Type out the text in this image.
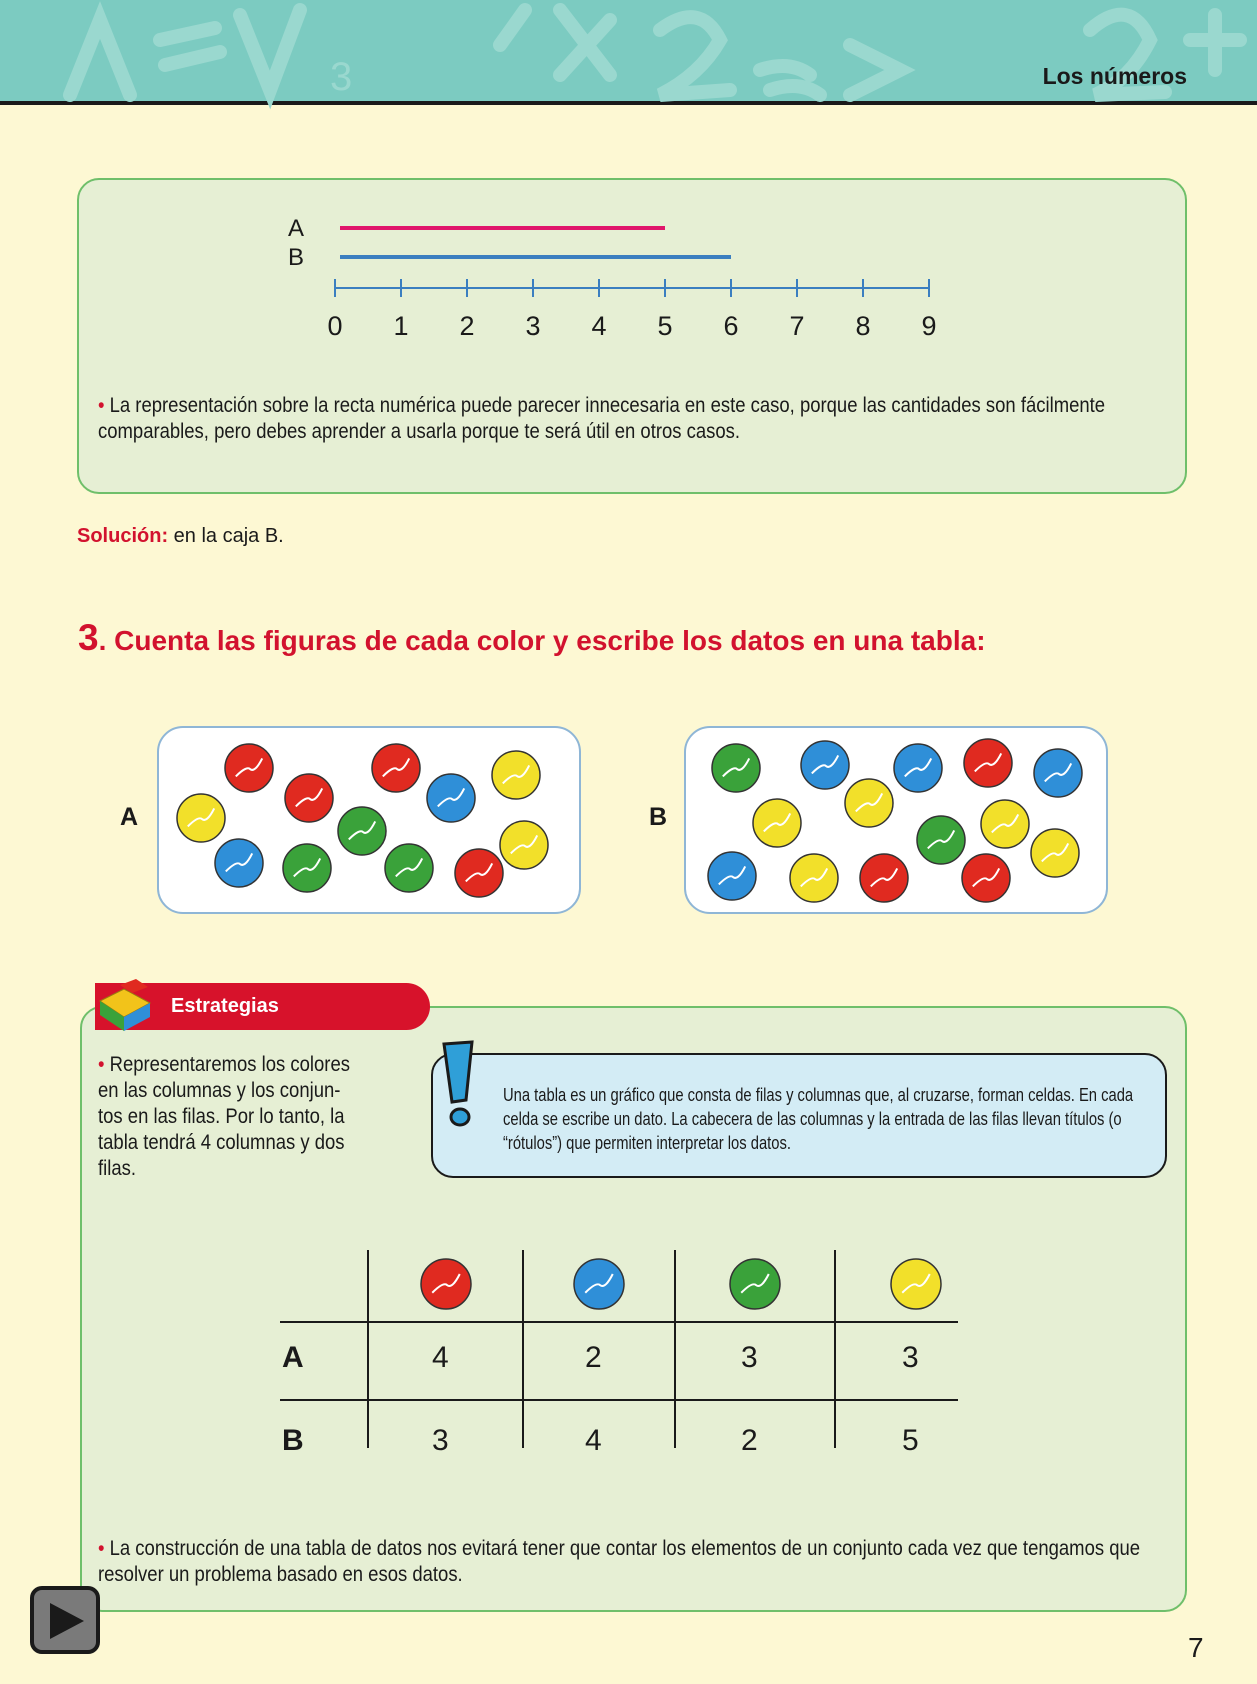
3	Los números
A
B
0 1 2 3 4 5 6 7 8 9
• La representación sobre la recta numérica puede parecer innecesaria en este caso, porque las cantidades son fácilmente comparables, pero debes aprender a usarla porque te será útil en otros casos.
Solución: en la caja B.
3. Cuenta las figuras de cada color y escribe los datos en una tabla:
A	B
Estrategias
• Representaremos los colores
en las columnas y los conjun-
tos en las filas. Por lo tanto, la
tabla tendrá 4 columnas y dos
filas.

Una tabla es un gráfico que consta de filas y columnas que, al cruzarse, forman celdas. En cada celda se escribe un dato. La cabecera de las columnas y la entrada de las filas llevan títulos (o “rótulos”) que permiten interpretar los datos.

A	4	2	3	3
B	3	4	2	5
• La construcción de una tabla de datos nos evitará tener que contar los elementos de un conjunto cada vez que tengamos que resolver un problema basado en esos datos.
7
